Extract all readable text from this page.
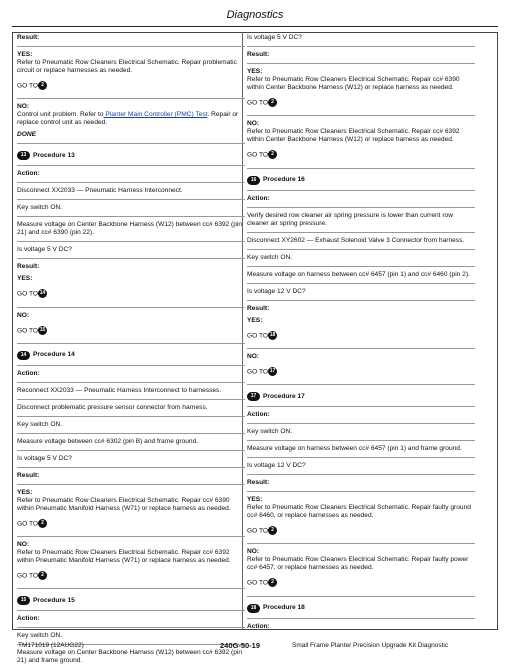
Diagnostics
Result:
YES:
Refer to Pneumatic Row Cleaners Electrical Schematic. Repair problematic circuit or replace harnesses as needed.
GO TO 2
NO:
Control unit problem. Refer to Planter Main Controller (PMC) Test. Repair or replace control unit as needed.
DONE
13	Procedure 13
Action:
Disconnect XX2033 — Pneumatic Harness Interconnect.
Key switch ON.
Measure voltage on Center Backbone Harness (W12) between cc# 6392 (pin 21) and cc# 6390 (pin 22).
Is voltage 5 V DC?
Result:
YES:
GO TO 14
NO:
GO TO 15
14	Procedure 14
Action:
Reconnect XX2033 — Pneumatic Harness Interconnect to harnesses.
Disconnect problematic pressure sensor connector from harness.
Key switch ON.
Measure voltage between cc# 6302 (pin B) and frame ground.
Is voltage 5 V DC?
Result:
YES:
Refer to Pneumatic Row Cleaners Electrical Schematic. Repair cc# 6390 within Pneumatic Manifold Harness (W71) or replace harness as needed.
GO TO 2
NO:
Refer to Pneumatic Row Cleaners Electrical Schematic. Repair cc# 6392 within Pneumatic Manifold Harness (W71) or replace harness as needed.
GO TO 2
15	Procedure 15
Action:
Key switch ON.
Measure voltage on Center Backbone Harness (W12) between cc# 6392 (pin 21) and frame ground.
Is voltage 5 V DC?
Result:
YES:
Refer to Pneumatic Row Cleaners Electrical Schematic. Repair cc# 6390 within Center Backbone Harness (W12) or replace harness as needed.
GO TO 2
NO:
Refer to Pneumatic Row Cleaners Electrical Schematic. Repair cc# 6392 within Center Backbone Harness (W12) or replace harness as needed.
GO TO 2
16	Procedure 16
Action:
Verify desired row cleaner air spring pressure is lower than current row cleaner air spring pressure.
Disconnect XY2602 — Exhaust Solenoid Valve 3 Connector from harness.
Key switch ON.
Measure voltage on harness between cc# 6457 (pin 1) and cc# 6460 (pin 2).
Is voltage 12 V DC?
Result:
YES:
GO TO 18
NO:
GO TO 17
17	Procedure 17
Action:
Key switch ON.
Measure voltage on harness between cc# 6457 (pin 1) and frame ground.
Is voltage 12 V DC?
Result:
YES:
Refer to Pneumatic Row Cleaners Electrical Schematic. Repair faulty ground cc# 6460, or replace harnesses as needed.
GO TO 2
NO:
Refer to Pneumatic Row Cleaners Electrical Schematic. Repair faulty power cc# 6457, or replace harnesses as needed.
GO TO 2
18	Procedure 18
Action:
TM171019 (12AUG22)	240G-50-19	Small Frame Planter Precision Upgrade Kit Diagnostic
